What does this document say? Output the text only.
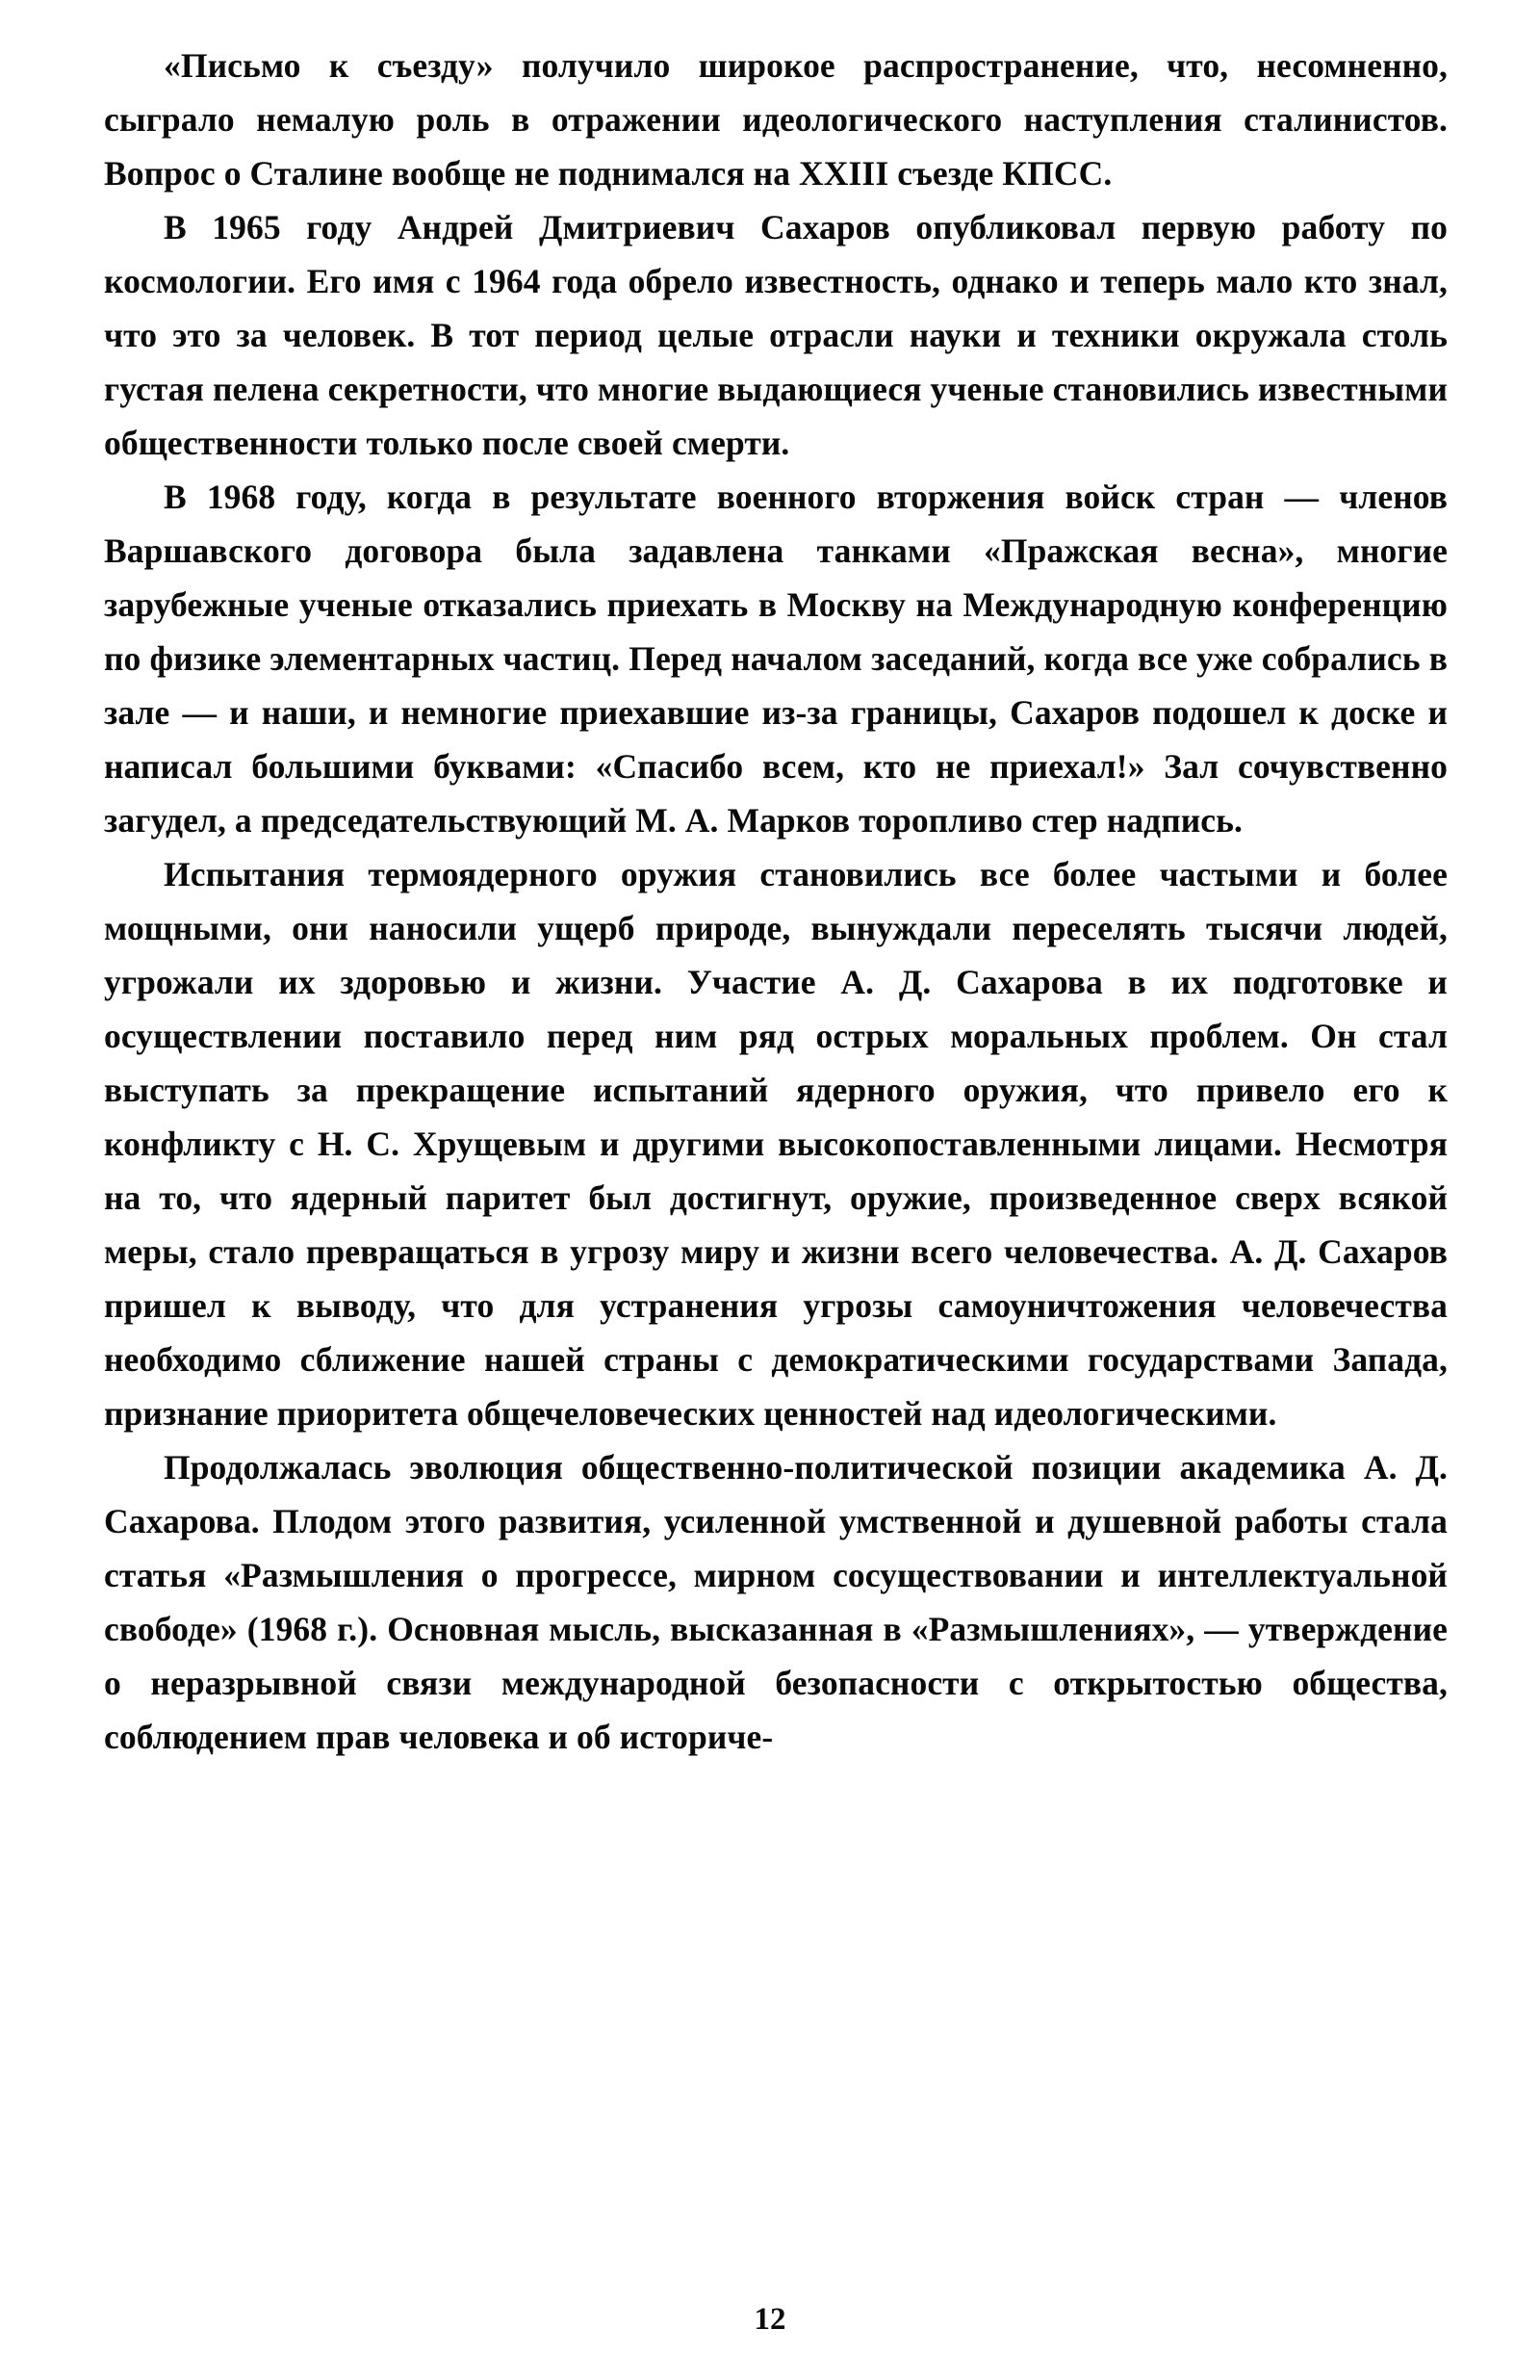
«Письмо к съезду» получило широкое распространение, что, несомненно, сыграло немалую роль в отражении идеологического наступления сталинистов. Вопрос о Сталине вообще не поднимался на XXIII съезде КПСС.

В 1965 году Андрей Дмитриевич Сахаров опубликовал первую работу по космологии. Его имя с 1964 года обрело известность, однако и теперь мало кто знал, что это за человек. В тот период целые отрасли науки и техники окружала столь густая пелена секретности, что многие выдающиеся ученые становились известными общественности только после своей смерти.

В 1968 году, когда в результате военного вторжения войск стран — членов Варшавского договора была задавлена танками «Пражская весна», многие зарубежные ученые отказались приехать в Москву на Международную конференцию по физике элементарных частиц. Перед началом заседаний, когда все уже собрались в зале — и наши, и немногие приехавшие из-за границы, Сахаров подошел к доске и написал большими буквами: «Спасибо всем, кто не приехал!» Зал сочувственно загудел, а председательствующий М. А. Марков торопливо стер надпись.

Испытания термоядерного оружия становились все более частыми и более мощными, они наносили ущерб природе, вынуждали переселять тысячи людей, угрожали их здоровью и жизни. Участие А. Д. Сахарова в их подготовке и осуществлении поставило перед ним ряд острых моральных проблем. Он стал выступать за прекращение испытаний ядерного оружия, что привело его к конфликту с Н. С. Хрущевым и другими высокопоставленными лицами. Несмотря на то, что ядерный паритет был достигнут, оружие, произведенное сверх всякой меры, стало превращаться в угрозу миру и жизни всего человечества. А. Д. Сахаров пришел к выводу, что для устранения угрозы самоуничтожения человечества необходимо сближение нашей страны с демократическими государствами Запада, признание приоритета общечеловеческих ценностей над идеологическими.

Продолжалась эволюция общественно-политической позиции академика А. Д. Сахарова. Плодом этого развития, усиленной умственной и душевной работы стала статья «Размышления о прогрессе, мирном сосуществовании и интеллектуальной свободе» (1968 г.). Основная мысль, высказанная в «Размышлениях», — утверждение о неразрывной связи международной безопасности с открытостью общества, соблюдением прав человека и об историче-

12
